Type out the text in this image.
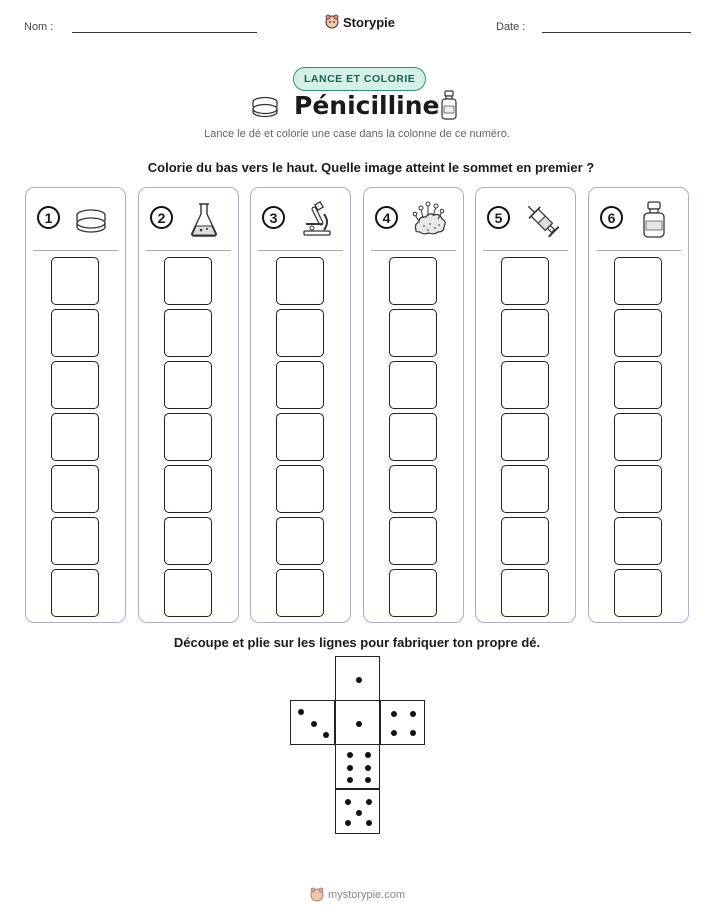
Nom :	Storypie	Date :
LANCE ET COLORIE
Pénicilline
Lance le dé et colorie une case dans la colonne de ce numéro.
Colorie du bas vers le haut. Quelle image atteint le sommet en premier ?
1	2	3	4	5	6
Découpe et plie sur les lignes pour fabriquer ton propre dé.
mystorypie.com
